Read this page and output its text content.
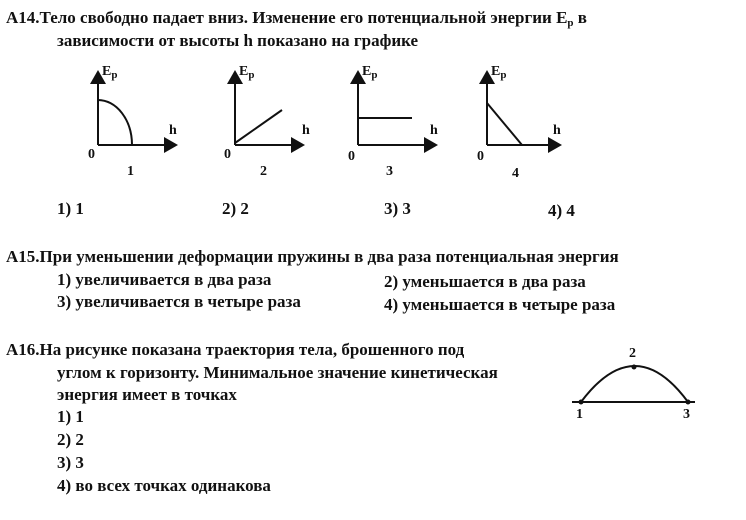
A14.Тело свободно падает вниз. Изменение его потенциальной энергии $E_p$ в
зависимости от высоты h показано на графике
$E_p$	$E_p$	$E_p$	$E_p$
h	h	h	h
0	0	0	0
1	2	3	4
1) 1	2) 2	3) 3	4) 4
A15.При уменьшении деформации пружины в два раза потенциальная энергия
1) увеличивается в два раза	2) уменьшается в два раза
3) увеличивается в четыре раза	4) уменьшается в четыре раза
A16.На рисунке показана траектория тела, брошенного под
углом к горизонту. Минимальное значение кинетическая
энергия имеет в точках
1) 1
2) 2
3) 3
4) во всех точках одинакова
1
2
3
